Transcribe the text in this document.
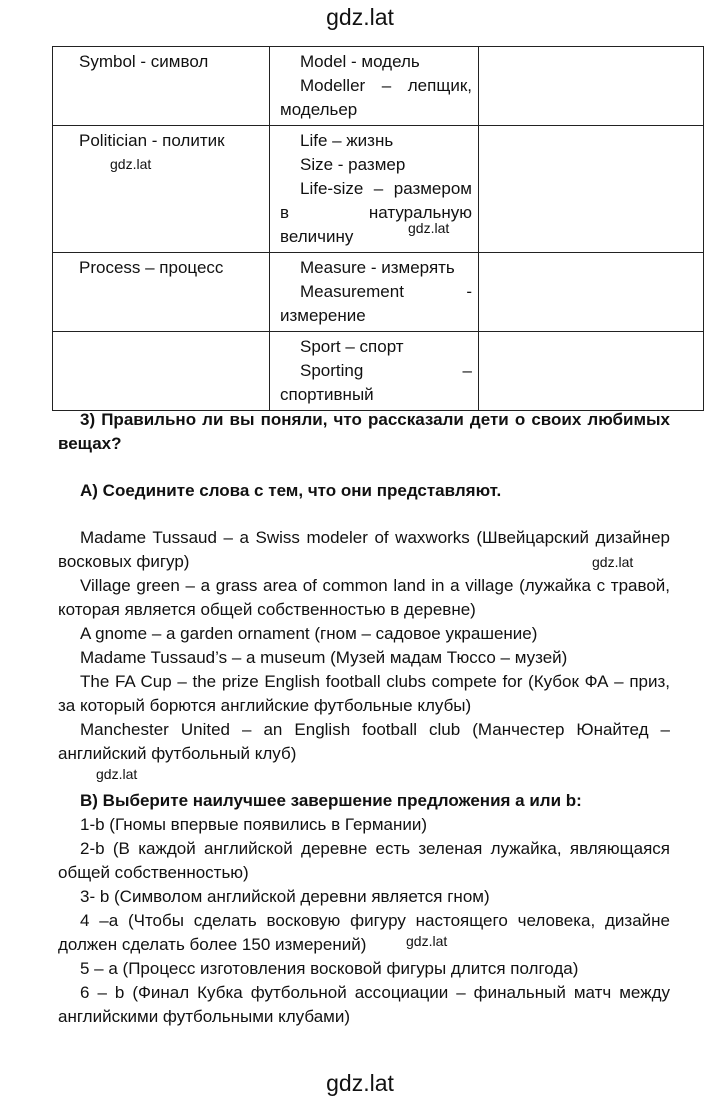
gdz.lat
Symbol - символ	Model - модель
Modeller – лепщик,
модельер	

Politician - политик	Life – жизнь
Size - размер
Life-size – размером
в натуральную
величину	

Process – процесс	Measure - измерять
Measurement -
измерение	

	Sport – спорт
Sporting –
спортивный	

gdz.lat
gdz.lat

3) Правильно ли вы поняли, что рассказали дети о своих любимых вещах?

A) Соедините слова с тем, что они представляют.

Madame Tussaud – a Swiss modeler of waxworks (Швейцарский дизайнер восковых фигур)

Village green – a grass area of common land in a village (лужайка с травой, которая является общей собственностью в деревне)

A gnome – a garden ornament (гном – садовое украшение)

Madame Tussaud’s – a museum (Музей мадам Тюссо – музей)

The FA Cup – the prize English football clubs compete for (Кубок ФА – приз, за который борются английские футбольные клубы)

Manchester United – an English football club (Манчестер Юнайтед – английский футбольный клуб)

gdz.lat
gdz.lat

B) Выберите наилучшее завершение предложения a или b:

1-b (Гномы впервые появились в Германии)

2-b (В каждой английской деревне есть зеленая лужайка, являющаяся общей собственностью)

3- b (Символом английской деревни является гном)

4 –a (Чтобы сделать восковую фигуру настоящего человека, дизайне должен сделать более 150 измерений)

5 – a (Процесс изготовления восковой фигуры длится полгода)

6 – b (Финал Кубка футбольной ассоциации – финальный матч между английскими футбольными клубами)

gdz.lat
gdz.lat
